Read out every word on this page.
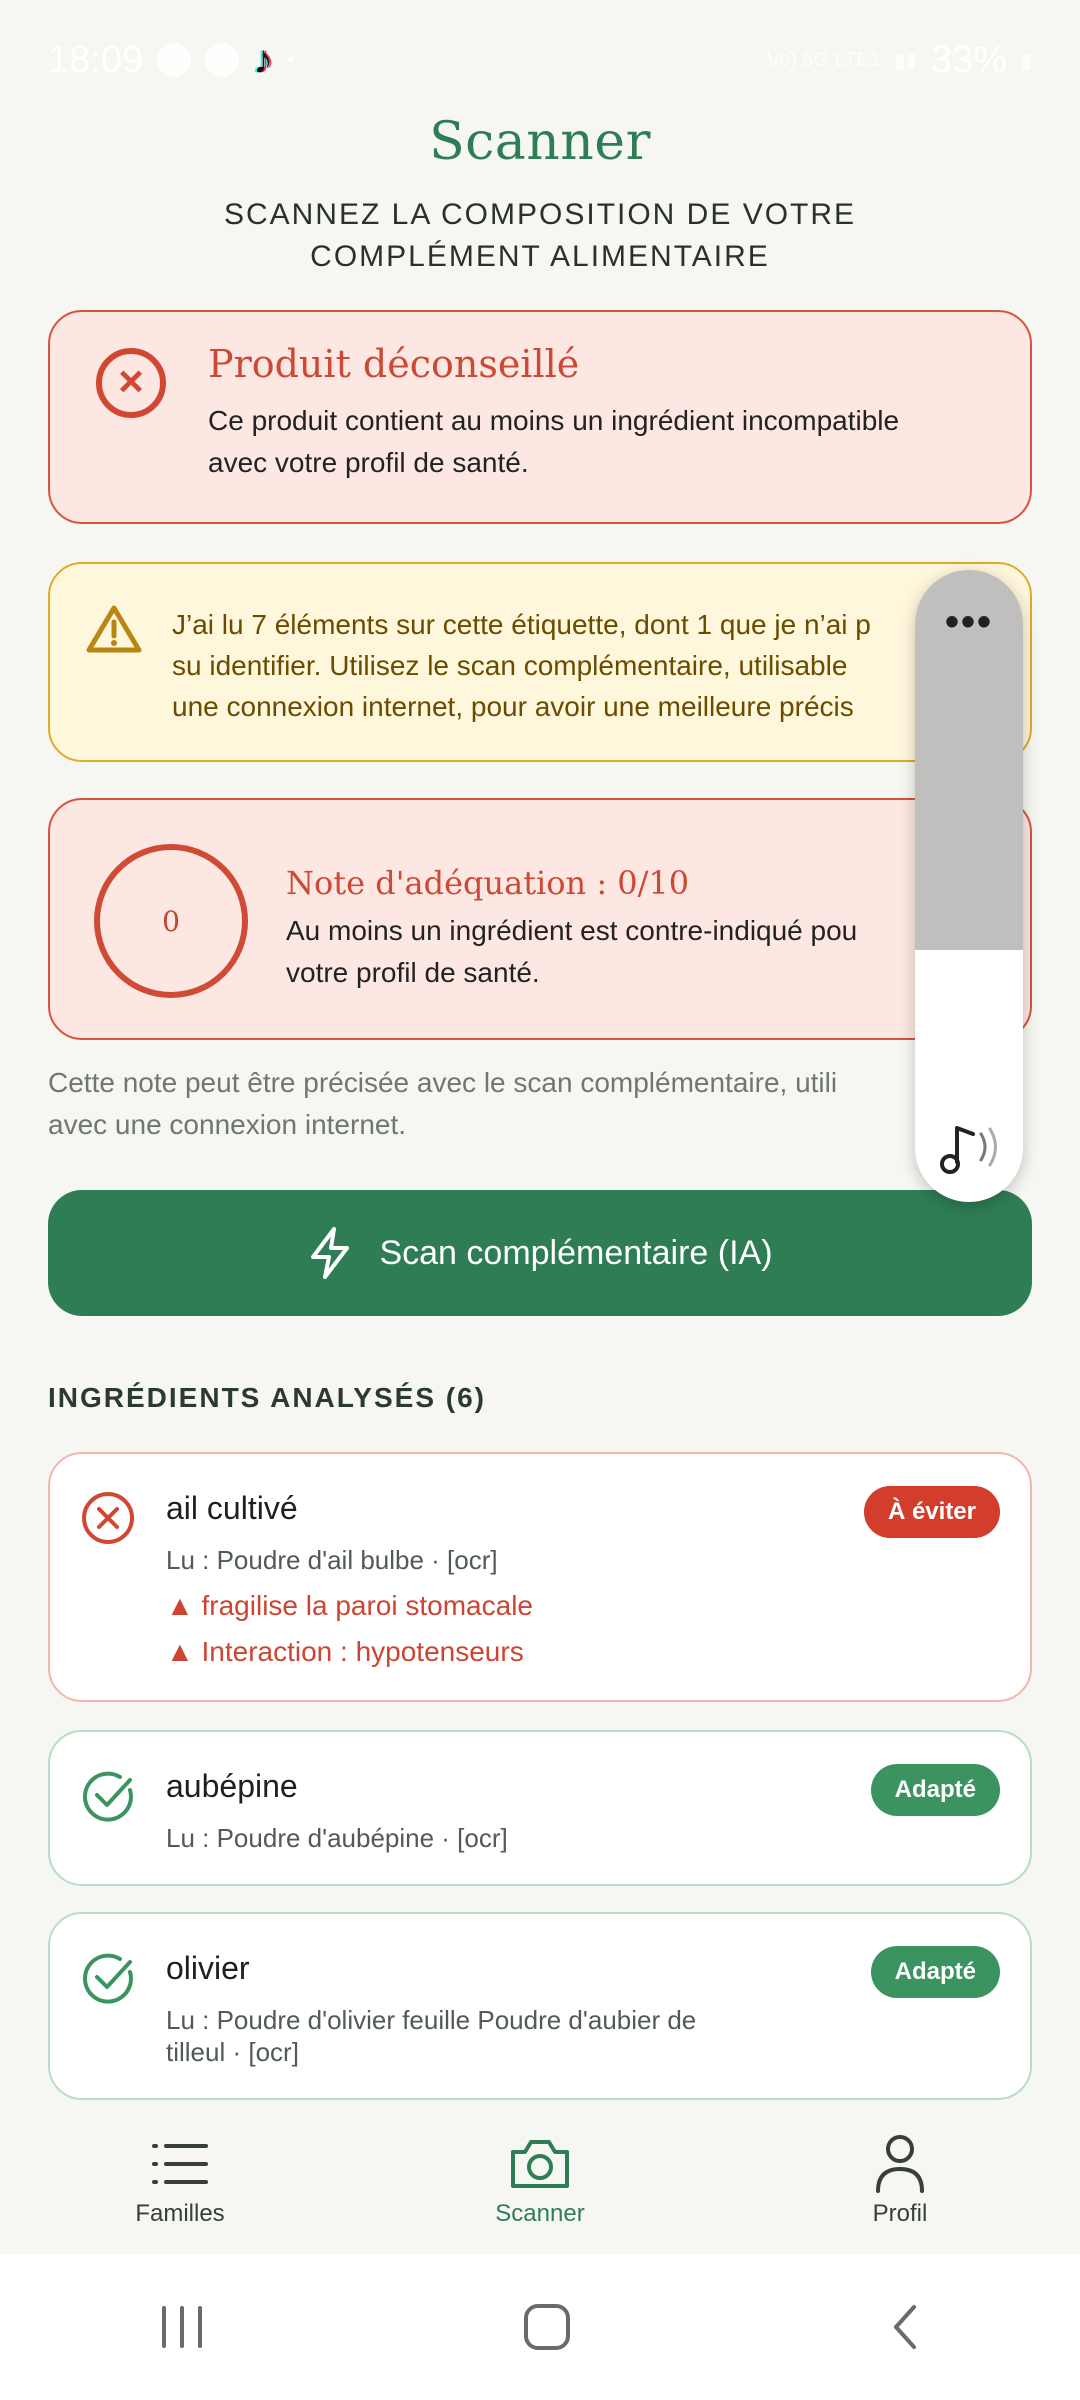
18:09	♪ •	Vo) 5G LTE1 ▮▮ 33% ▮
Scanner
SCANNEZ LA COMPOSITION DE VOTRE
COMPLÉMENT ALIMENTAIRE
×	Produit déconseillé
Ce produit contient au moins un ingrédient incompatible
avec votre profil de santé.
J’ai lu 7 éléments sur cette étiquette, dont 1 que je n’ai p
su identifier. Utilisez le scan complémentaire, utilisable
une connexion internet, pour avoir une meilleure précis
0
Note d'adéquation : 0/10
Au moins un ingrédient est contre-indiqué pou
votre profil de santé.
Cette note peut être précisée avec le scan complémentaire, utili
avec une connexion internet.
Scan complémentaire (IA)
INGRÉDIENTS ANALYSÉS (6)
ail cultivé
Lu : Poudre d'ail bulbe · [ocr]
▲ fragilise la paroi stomacale
▲ Interaction : hypotenseurs
À éviter
aubépine
Lu : Poudre d'aubépine · [ocr]
Adapté
olivier
Lu : Poudre d'olivier feuille Poudre d'aubier de
tilleul · [ocr]
Adapté
•••
Familles	Scanner	Profil
